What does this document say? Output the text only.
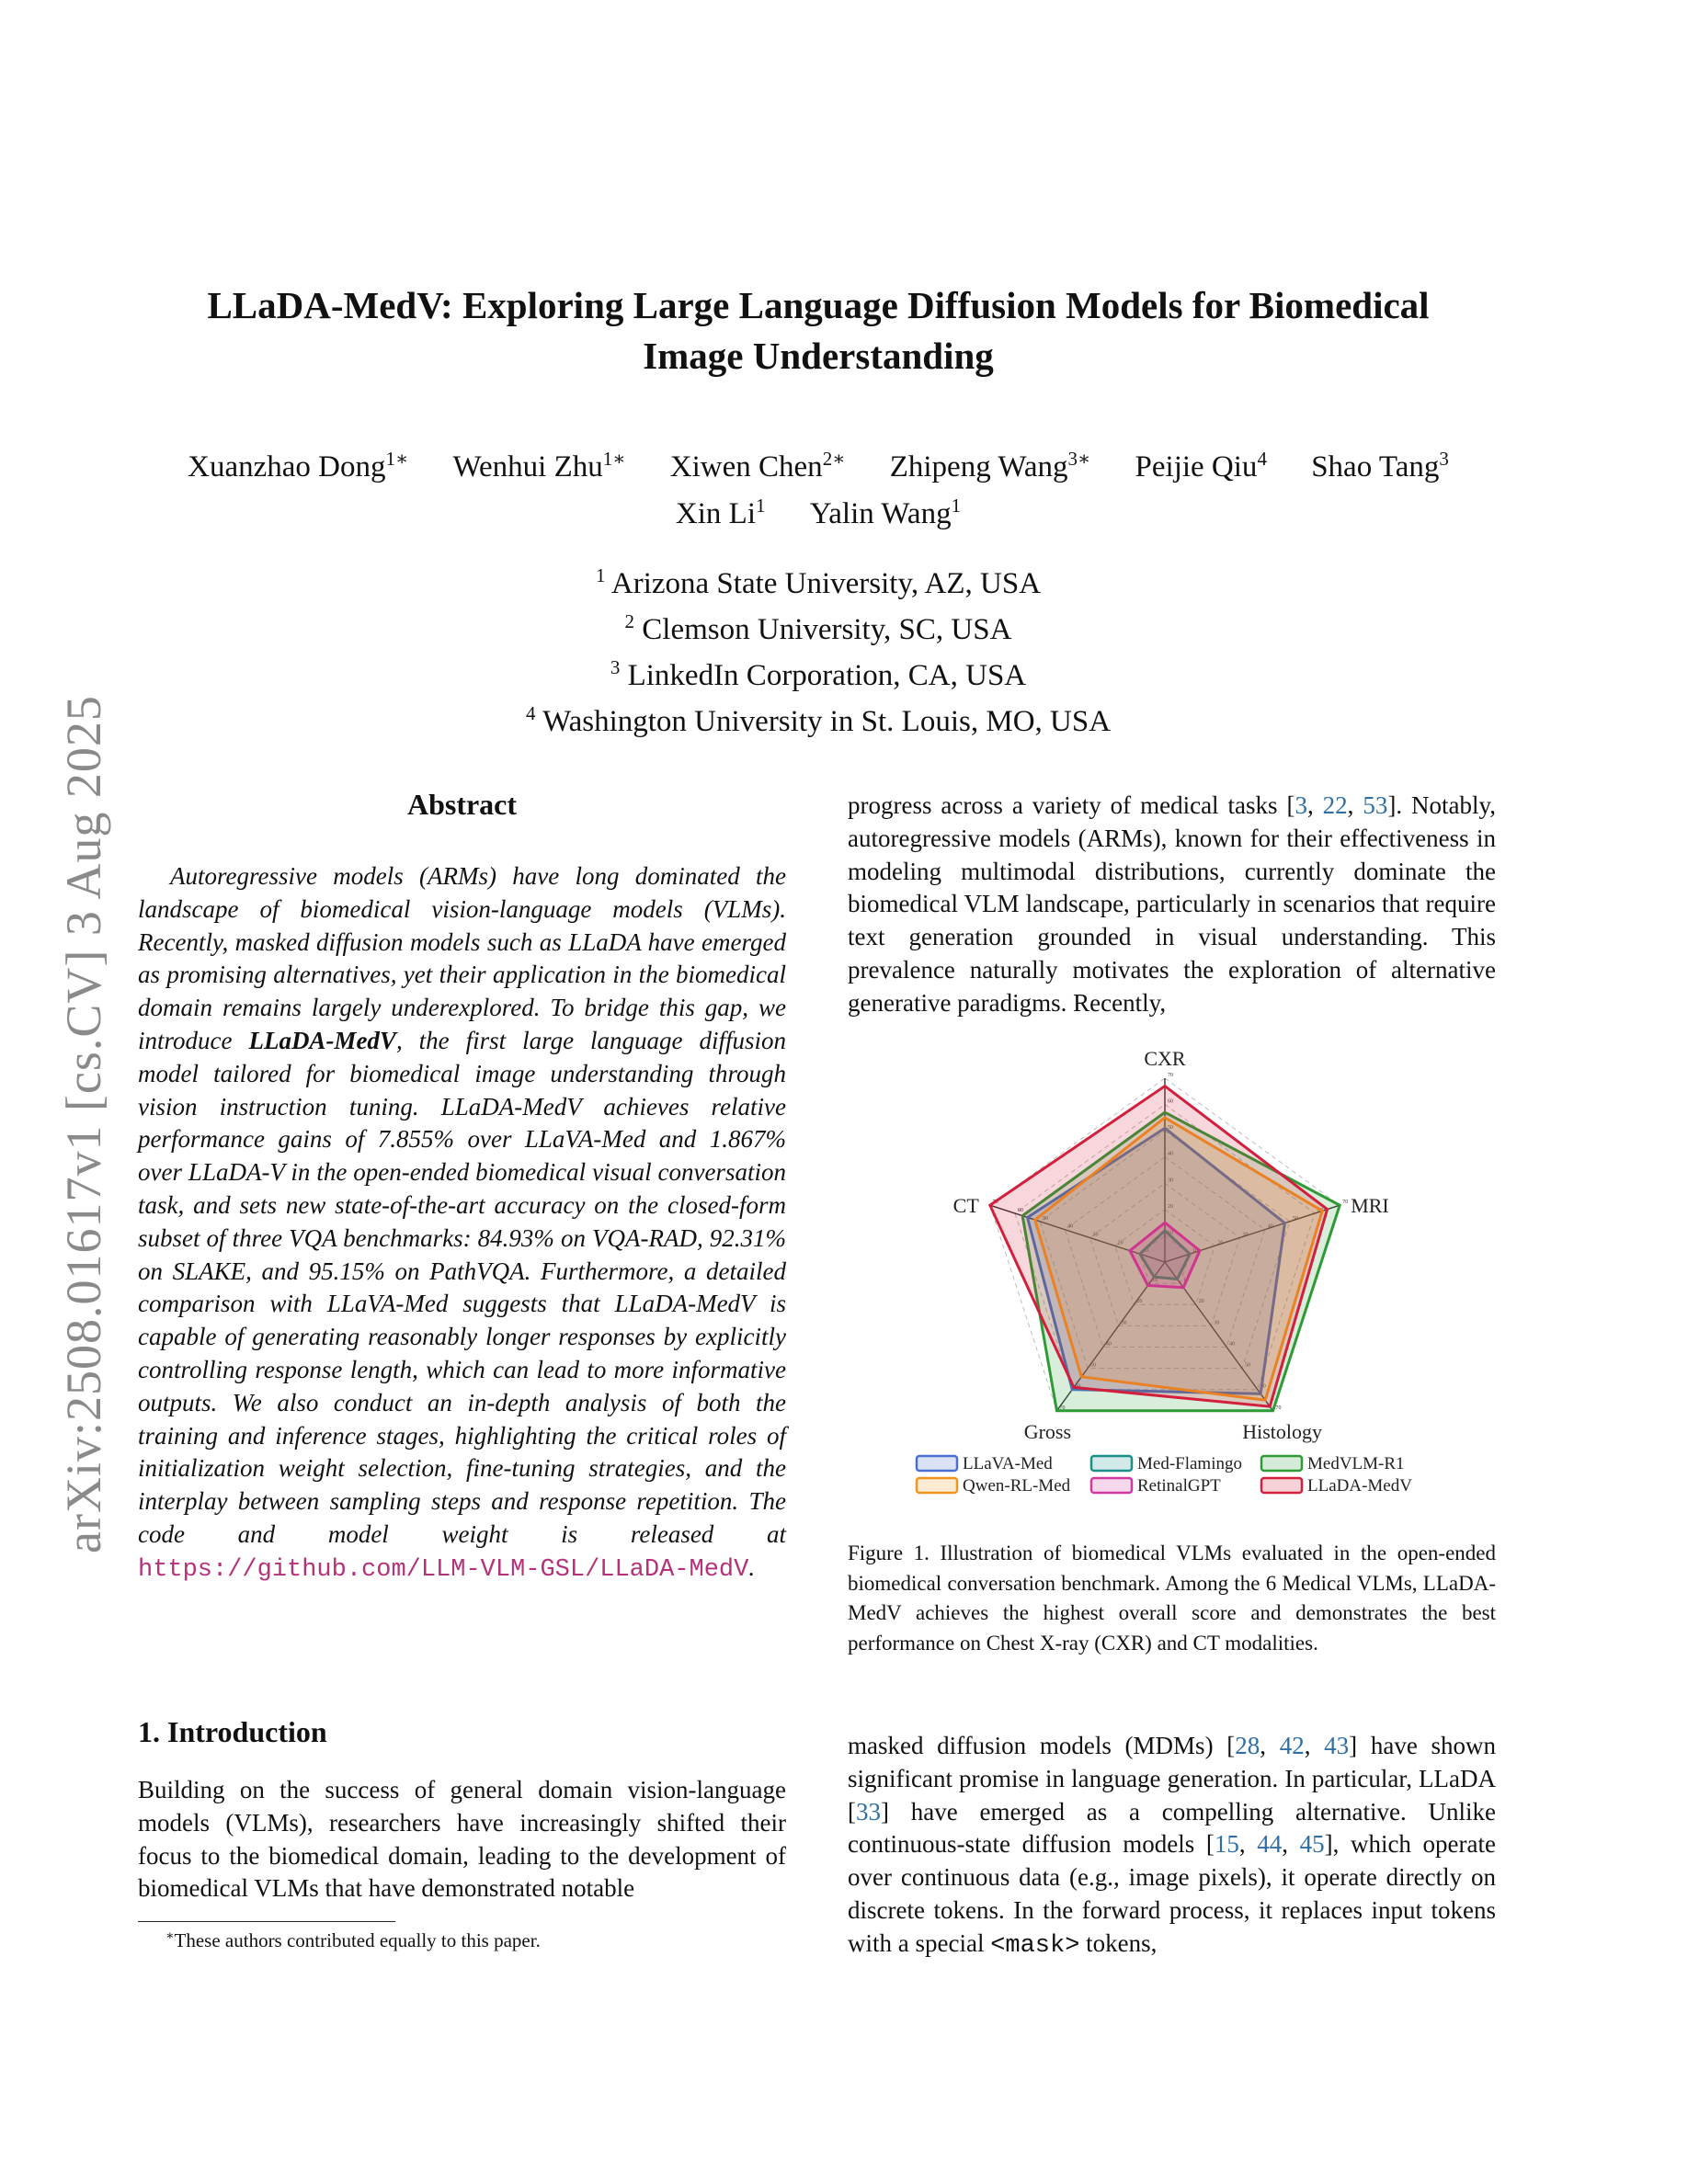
arXiv:2508.01617v1 [cs.CV] 3 Aug 2025
LLaDA-MedV: Exploring Large Language Diffusion Models for Biomedical
Image Understanding
Xuanzhao Dong$^{1∗}$ Wenhui Zhu$^{1∗}$ Xiwen Chen$^{2∗}$ Zhipeng Wang$^{3∗}$ Peijie Qiu$^4$ Shao Tang$^3$
Xin Li$^1$ Yalin Wang$^1$
$^1$ Arizona State University, AZ, USA
$^2$ Clemson University, SC, USA
$^3$ LinkedIn Corporation, CA, USA
$^4$ Washington University in St. Louis, MO, USA
Abstract

Autoregressive models (ARMs) have long dominated the landscape of biomedical vision-language models (VLMs). Recently, masked diffusion models such as LLaDA have emerged as promising alternatives, yet their application in the biomedical domain remains largely underexplored. To bridge this gap, we introduce LLaDA-MedV, the first large language diffusion model tailored for biomedical image understanding through vision instruction tuning. LLaDA-MedV achieves relative performance gains of 7.855% over LLaVA-Med and 1.867% over LLaDA-V in the open-ended biomedical visual conversation task, and sets new state-of-the-art accuracy on the closed-form subset of three VQA benchmarks: 84.93% on VQA-RAD, 92.31% on SLAKE, and 95.15% on PathVQA. Furthermore, a detailed comparison with LLaVA-Med suggests that LLaDA-MedV is capable of generating reasonably longer responses by explicitly controlling response length, which can lead to more informative outputs. We also conduct an in-depth analysis of both the training and inference stages, highlighting the critical roles of initialization weight selection, fine-tuning strategies, and the interplay between sampling steps and response repetition. The code and model weight is released at https://github.com/LLM-VLM-GSL/LLaDA-MedV.

1. Introduction

Building on the success of general domain vision-language models (VLMs), researchers have increasingly shifted their focus to the biomedical domain, leading to the development of biomedical VLMs that have demonstrated notable

∗These authors contributed equally to this paper.

progress across a variety of medical tasks [3, 22, 53]. Notably, autoregressive models (ARMs), known for their effectiveness in modeling multimodal distributions, currently dominate the biomedical VLM landscape, particularly in scenarios that require text generation grounded in visual understanding. This prevalence naturally motivates the exploration of alternative generative paradigms. Recently,

10
20
30
40
50
60
70
10
20
30
40
50
60
70
10
20
30
40
50
60
70
10
20
30
40
50
60
70
10
20
30
40
50
60
70
CXR
MRI
Histology
Gross
CT
LLaVA-Med	Med-Flamingo	MedVLM-R1
Qwen-RL-Med	RetinalGPT	LLaDA-MedV

Figure 1. Illustration of biomedical VLMs evaluated in the open-ended biomedical conversation benchmark. Among the 6 Medical VLMs, LLaDA-MedV achieves the highest overall score and demonstrates the best performance on Chest X-ray (CXR) and CT modalities.

masked diffusion models (MDMs) [28, 42, 43] have shown significant promise in language generation. In particular, LLaDA [33] have emerged as a compelling alternative. Unlike continuous-state diffusion models [15, 44, 45], which operate over continuous data (e.g., image pixels), it operate directly on discrete tokens. In the forward process, it replaces input tokens with a special <mask> tokens,
